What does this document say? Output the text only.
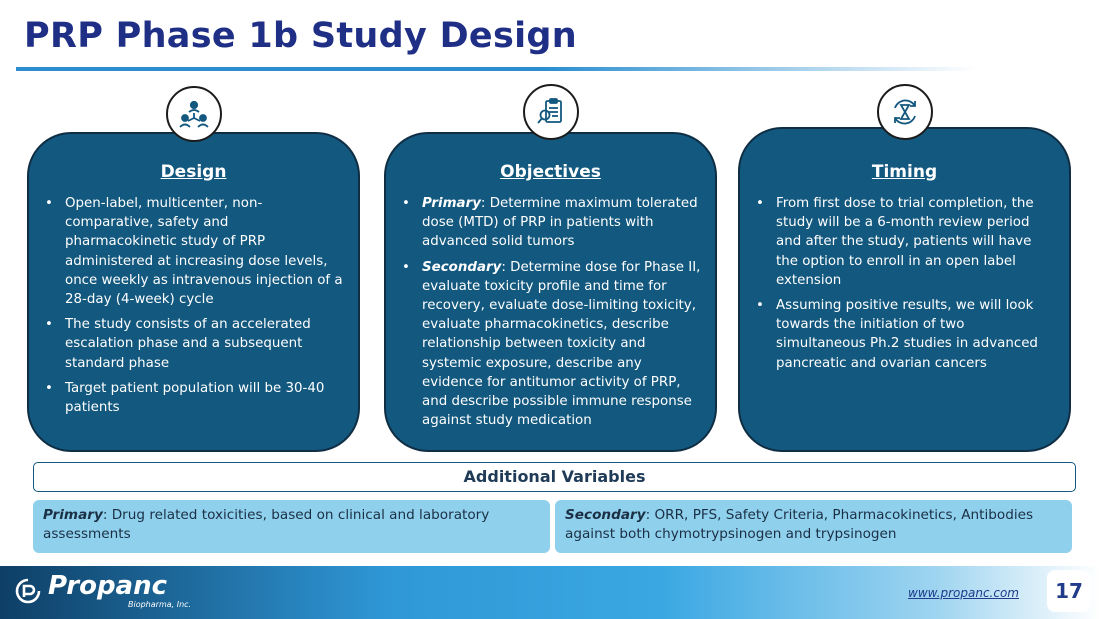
PRP Phase 1b Study Design
Design
• Open-label, multicenter, non-comparative, safety and pharmacokinetic study of PRP administered at increasing dose levels, once weekly as intravenous injection of a 28-day (4-week) cycle
• The study consists of an accelerated escalation phase and a subsequent standard phase
• Target patient population will be 30-40 patients
Objectives
• Primary: Determine maximum tolerated dose (MTD) of PRP in patients with advanced solid tumors
• Secondary: Determine dose for Phase II, evaluate toxicity profile and time for recovery, evaluate dose-limiting toxicity, evaluate pharmacokinetics, describe relationship between toxicity and systemic exposure, describe any evidence for antitumor activity of PRP, and describe possible immune response against study medication
Timing
• From first dose to trial completion, the study will be a 6-month review period and after the study, patients will have the option to enroll in an open label extension
• Assuming positive results, we will look towards the initiation of two simultaneous Ph.2 studies in advanced pancreatic and ovarian cancers
Additional Variables
Primary: Drug related toxicities, based on clinical and laboratory assessments
Secondary: ORR, PFS, Safety Criteria, Pharmacokinetics, Antibodies against both chymotrypsinogen and trypsinogen
Propanc
Biopharma, Inc.
www.propanc.com	17
